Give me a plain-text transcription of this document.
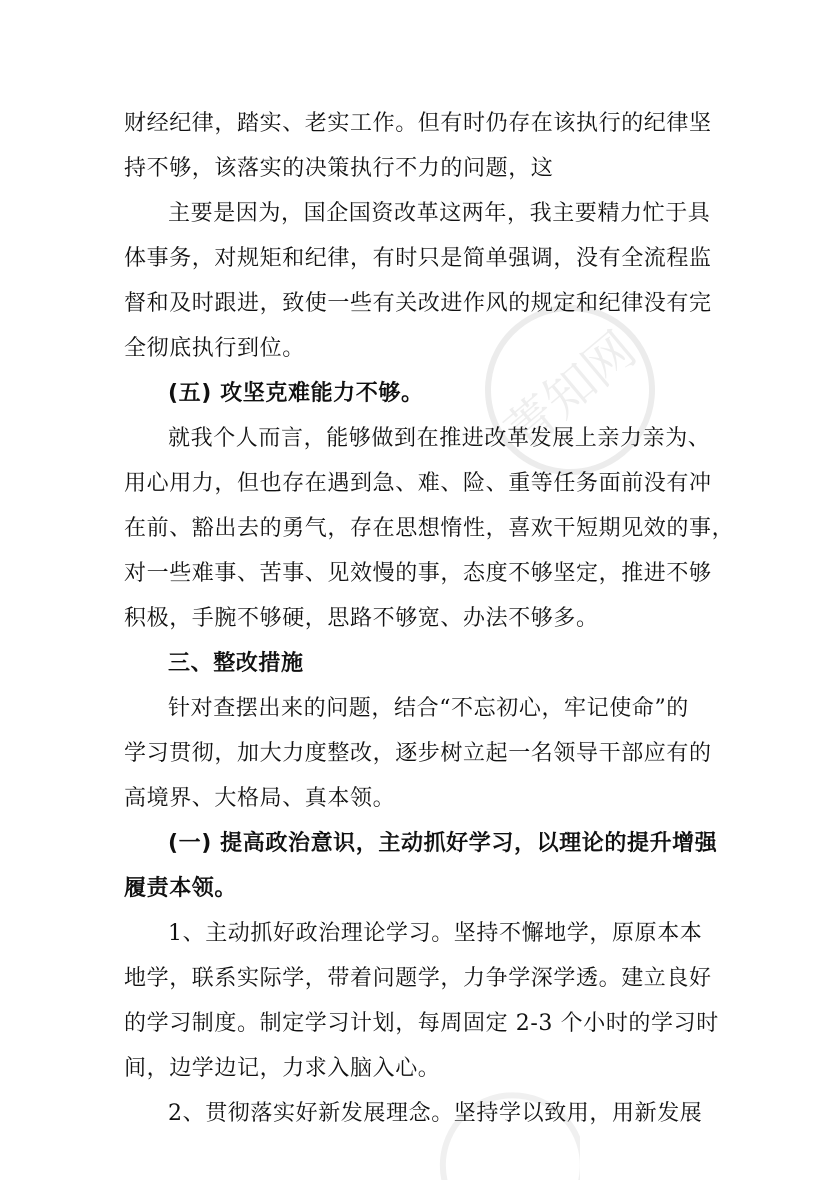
菁知网
财经纪律，踏实、老实工作。但有时仍存在该执行的纪律坚
持不够，该落实的决策执行不力的问题，这
主要是因为，国企国资改革这两年，我主要精力忙于具
体事务，对规矩和纪律，有时只是简单强调，没有全流程监
督和及时跟进，致使一些有关改进作风的规定和纪律没有完
全彻底执行到位。
(五) 攻坚克难能力不够。
就我个人而言，能够做到在推进改革发展上亲力亲为、
用心用力，但也存在遇到急、难、险、重等任务面前没有冲
在前、豁出去的勇气，存在思想惰性，喜欢干短期见效的事，
对一些难事、苦事、见效慢的事，态度不够坚定，推进不够
积极，手腕不够硬，思路不够宽、办法不够多。
三、整改措施
针对查摆出来的问题，结合“不忘初心，牢记使命”的
学习贯彻，加大力度整改，逐步树立起一名领导干部应有的
高境界、大格局、真本领。
(一) 提高政治意识，主动抓好学习，以理论的提升增强
履责本领。
1、主动抓好政治理论学习。坚持不懈地学，原原本本
地学，联系实际学，带着问题学，力争学深学透。建立良好
的学习制度。制定学习计划，每周固定 2-3 个小时的学习时
间，边学边记，力求入脑入心。
2、贯彻落实好新发展理念。坚持学以致用，用新发展
